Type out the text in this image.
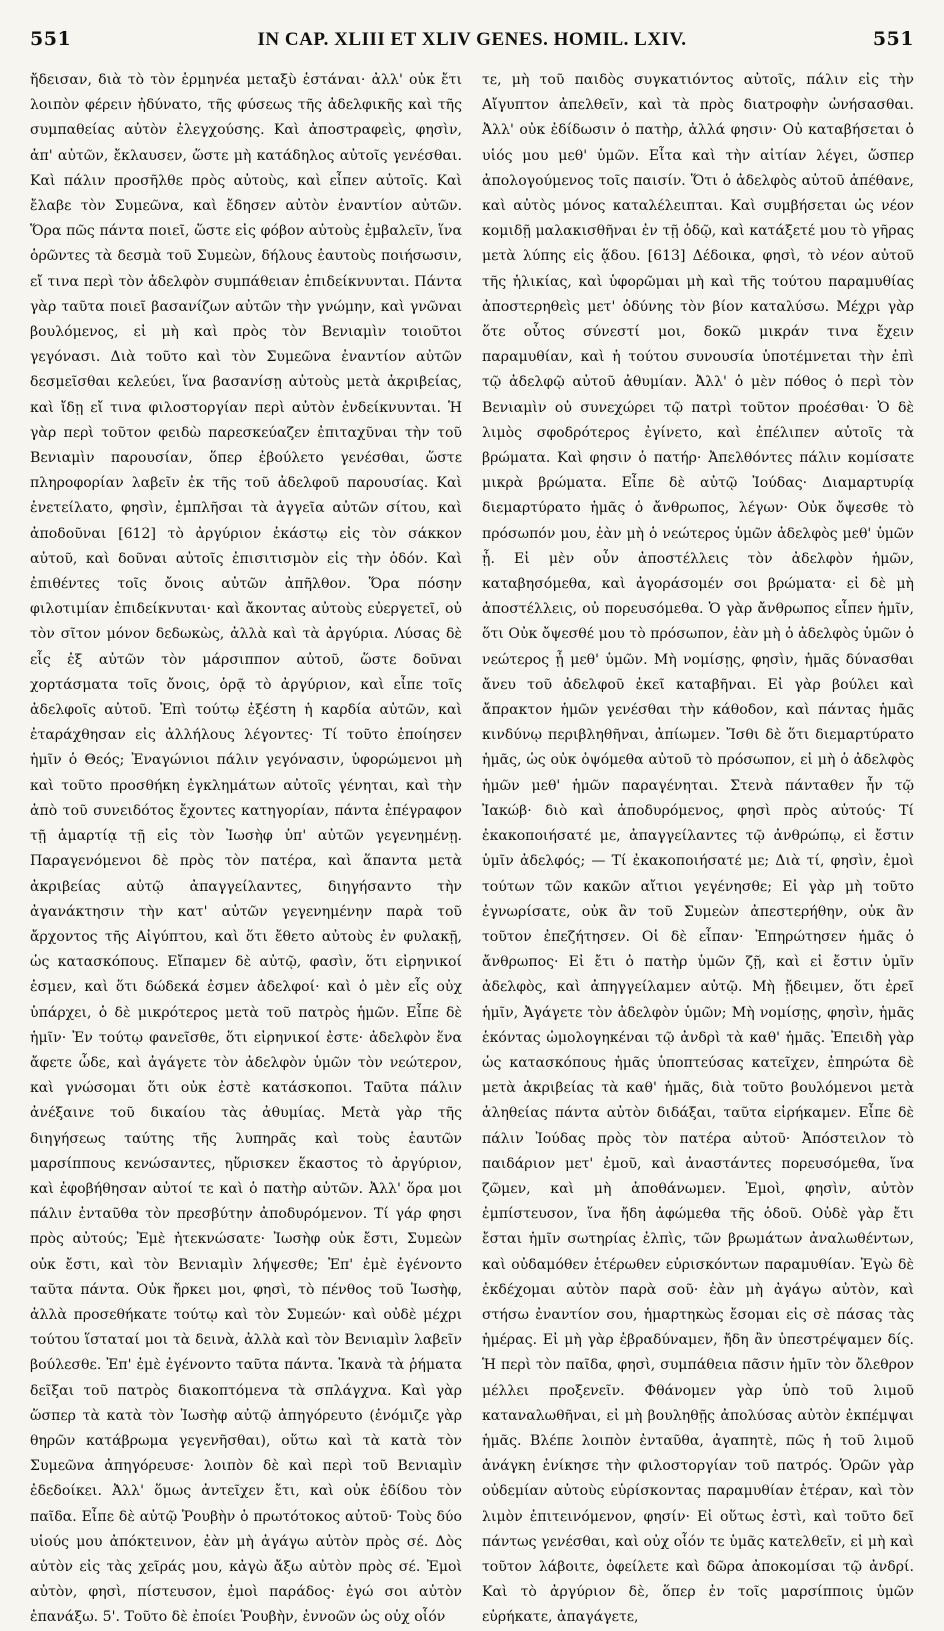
551	IN CAP. XLIII ET XLIV GENES. HOMIL. LXIV.	551

ἤδεισαν, διὰ τὸ τὸν ἑρμηνέα μεταξὺ ἑστάναι· ἀλλ' οὐκ ἔτι λοιπὸν φέρειν ἠδύνατο, τῆς φύσεως τῆς ἀδελφικῆς καὶ τῆς συμπαθείας αὐτὸν ἐλεγχούσης. Καὶ ἀποστραφεὶς, φησὶν, ἀπ' αὐτῶν, ἔκλαυσεν, ὥστε μὴ κατάδηλος αὐτοῖς γενέσθαι. Καὶ πάλιν προσῆλθε πρὸς αὐτοὺς, καὶ εἶπεν αὐτοῖς. Καὶ ἔλαβε τὸν Συμεῶνα, καὶ ἔδησεν αὐτὸν ἐναντίον αὐτῶν. Ὅρα πῶς πάντα ποιεῖ, ὥστε εἰς φόβον αὐτοὺς ἐμβαλεῖν, ἵνα ὁρῶντες τὰ δεσμὰ τοῦ Συμεὼν, δήλους ἑαυτοὺς ποιήσωσιν, εἴ τινα περὶ τὸν ἀδελφὸν συμπάθειαν ἐπιδείκνυνται. Πάντα γὰρ ταῦτα ποιεῖ βασανίζων αὐτῶν τὴν γνώμην, καὶ γνῶναι βουλόμενος, εἰ μὴ καὶ πρὸς τὸν Βενιαμὶν τοιοῦτοι γεγόνασι. Διὰ τοῦτο καὶ τὸν Συμεῶνα ἐναντίον αὐτῶν δεσμεῖσθαι κελεύει, ἵνα βασανίσῃ αὐτοὺς μετὰ ἀκριβείας, καὶ ἴδῃ εἴ τινα φιλοστοργίαν περὶ αὐτὸν ἐνδείκνυνται. Ἡ γὰρ περὶ τοῦτον φειδὼ παρεσκεύαζεν ἐπιταχῦναι τὴν τοῦ Βενιαμὶν παρουσίαν, ὅπερ ἐβούλετο γενέσθαι, ὥστε πληροφορίαν λαβεῖν ἐκ τῆς τοῦ ἀδελφοῦ παρουσίας. Καὶ ἐνετείλατο, φησὶν, ἐμπλῆσαι τὰ ἀγγεῖα αὐτῶν σίτου, καὶ ἀποδοῦναι [612] τὸ ἀργύριον ἑκάστῳ εἰς τὸν σάκκον αὐτοῦ, καὶ δοῦναι αὐτοῖς ἐπισιτισμὸν εἰς τὴν ὁδόν. Καὶ ἐπιθέντες τοῖς ὄνοις αὐτῶν ἀπῆλθον. Ὅρα πόσην φιλοτιμίαν ἐπιδείκνυται· καὶ ἄκοντας αὐτοὺς εὐεργετεῖ, οὐ τὸν σῖτον μόνον δεδωκὼς, ἀλλὰ καὶ τὰ ἀργύρια. Λύσας δὲ εἷς ἐξ αὐτῶν τὸν μάρσιππον αὐτοῦ, ὥστε δοῦναι χορτάσματα τοῖς ὄνοις, ὁρᾷ τὸ ἀργύριον, καὶ εἶπε τοῖς ἀδελφοῖς αὐτοῦ. Ἐπὶ τούτῳ ἐξέστη ἡ καρδία αὐτῶν, καὶ ἐταράχθησαν εἰς ἀλλήλους λέγοντες· Τί τοῦτο ἐποίησεν ἡμῖν ὁ Θεός; Ἐναγώνιοι πάλιν γεγόνασιν, ὑφορώμενοι μὴ καὶ τοῦτο προσθήκη ἐγκλημάτων αὐτοῖς γένηται, καὶ τὴν ἀπὸ τοῦ συνειδότος ἔχοντες κατηγορίαν, πάντα ἐπέγραφον τῇ ἁμαρτίᾳ τῇ εἰς τὸν Ἰωσὴφ ὑπ' αὐτῶν γεγενημένῃ. Παραγενόμενοι δὲ πρὸς τὸν πατέρα, καὶ ἅπαντα μετὰ ἀκριβείας αὐτῷ ἀπαγγείλαντες, διηγήσαντο τὴν ἀγανάκτησιν τὴν κατ' αὐτῶν γεγενημένην παρὰ τοῦ ἄρχοντος τῆς Αἰγύπτου, καὶ ὅτι ἔθετο αὐτοὺς ἐν φυλακῇ, ὡς κατασκόπους. Εἴπαμεν δὲ αὐτῷ, φασὶν, ὅτι εἰρηνικοί ἐσμεν, καὶ ὅτι δώδεκά ἐσμεν ἀδελφοί· καὶ ὁ μὲν εἷς οὐχ ὑπάρχει, ὁ δὲ μικρότερος μετὰ τοῦ πατρὸς ἡμῶν. Εἶπε δὲ ἡμῖν· Ἐν τούτῳ φανεῖσθε, ὅτι εἰρηνικοί ἐστε· ἀδελφὸν ἕνα ἄφετε ὧδε, καὶ ἀγάγετε τὸν ἀδελφὸν ὑμῶν τὸν νεώτερον, καὶ γνώσομαι ὅτι οὐκ ἐστὲ κατάσκοποι. Ταῦτα πάλιν ἀνέξαινε τοῦ δικαίου τὰς ἀθυμίας. Μετὰ γὰρ τῆς διηγήσεως ταύτης τῆς λυπηρᾶς καὶ τοὺς ἑαυτῶν μαρσίππους κενώσαντες, ηὕρισκεν ἕκαστος τὸ ἀργύριον, καὶ ἐφοβήθησαν αὐτοί τε καὶ ὁ πατὴρ αὐτῶν. Ἀλλ' ὅρα μοι πάλιν ἐνταῦθα τὸν πρεσβύτην ἀποδυρόμενον. Τί γάρ φησι πρὸς αὐτούς; Ἐμὲ ἠτεκνώσατε· Ἰωσὴφ οὐκ ἔστι, Συμεὼν οὐκ ἔστι, καὶ τὸν Βενιαμὶν λήψεσθε; Ἐπ' ἐμὲ ἐγένοντο ταῦτα πάντα. Οὐκ ἤρκει μοι, φησὶ, τὸ πένθος τοῦ Ἰωσὴφ, ἀλλὰ προσεθήκατε τούτῳ καὶ τὸν Συμεών· καὶ οὐδὲ μέχρι τούτου ἵσταταί μοι τὰ δεινὰ, ἀλλὰ καὶ τὸν Βενιαμὶν λαβεῖν βούλεσθε. Ἐπ' ἐμὲ ἐγένοντο ταῦτα πάντα. Ἱκανὰ τὰ ῥήματα δεῖξαι τοῦ πατρὸς διακοπτόμενα τὰ σπλάγχνα. Καὶ γὰρ ὥσπερ τὰ κατὰ τὸν Ἰωσὴφ αὐτῷ ἀπηγόρευτο (ἐνόμιζε γὰρ θηρῶν κατάβρωμα γεγενῆσθαι), οὕτω καὶ τὰ κατὰ τὸν Συμεῶνα ἀπηγόρευσε· λοιπὸν δὲ καὶ περὶ τοῦ Βενιαμὶν ἐδεδοίκει. Ἀλλ' ὅμως ἀντεῖχεν ἔτι, καὶ οὐκ ἐδίδου τὸν παῖδα. Εἶπε δὲ αὐτῷ Ῥουβὴν ὁ πρωτότοκος αὐτοῦ· Τοὺς δύο υἱούς μου ἀπόκτεινον, ἐὰν μὴ ἀγάγω αὐτὸν πρὸς σέ. Δὸς αὐτὸν εἰς τὰς χεῖράς μου, κἀγὼ ἄξω αὐτὸν πρὸς σέ. Ἐμοὶ αὐτὸν, φησὶ, πίστευσον, ἐμοὶ παράδος· ἐγώ σοι αὐτὸν ἐπανάξω. 5'. Τοῦτο δὲ ἐποίει Ῥουβὴν, ἐννοῶν ὡς οὐχ οἷόν

τε, μὴ τοῦ παιδὸς συγκατιόντος αὐτοῖς, πάλιν εἰς τὴν Αἴγυπτον ἀπελθεῖν, καὶ τὰ πρὸς διατροφὴν ὠνήσασθαι. Ἀλλ' οὐκ ἐδίδωσιν ὁ πατὴρ, ἀλλά φησιν· Οὐ καταβήσεται ὁ υἱός μου μεθ' ὑμῶν. Εἶτα καὶ τὴν αἰτίαν λέγει, ὥσπερ ἀπολογούμενος τοῖς παισίν. Ὅτι ὁ ἀδελφὸς αὐτοῦ ἀπέθανε, καὶ αὐτὸς μόνος καταλέλειπται. Καὶ συμβήσεται ὡς νέον κομιδῇ μαλακισθῆναι ἐν τῇ ὁδῷ, καὶ κατάξετέ μου τὸ γῆρας μετὰ λύπης εἰς ᾅδου. [613] Δέδοικα, φησὶ, τὸ νέον αὐτοῦ τῆς ἡλικίας, καὶ ὑφορῶμαι μὴ καὶ τῆς τούτου παραμυθίας ἀποστερηθεὶς μετ' ὀδύνης τὸν βίον καταλύσω. Μέχρι γὰρ ὅτε οὗτος σύνεστί μοι, δοκῶ μικράν τινα ἔχειν παραμυθίαν, καὶ ἡ τούτου συνουσία ὑποτέμνεται τὴν ἐπὶ τῷ ἀδελφῷ αὐτοῦ ἀθυμίαν. Ἀλλ' ὁ μὲν πόθος ὁ περὶ τὸν Βενιαμὶν οὐ συνεχώρει τῷ πατρὶ τοῦτον προέσθαι· Ὁ δὲ λιμὸς σφοδρότερος ἐγίνετο, καὶ ἐπέλιπεν αὐτοῖς τὰ βρώματα. Καὶ φησιν ὁ πατήρ· Ἀπελθόντες πάλιν κομίσατε μικρὰ βρώματα. Εἶπε δὲ αὐτῷ Ἰούδας· Διαμαρτυρίᾳ διεμαρτύρατο ἡμᾶς ὁ ἄνθρωπος, λέγων· Οὐκ ὄψεσθε τὸ πρόσωπόν μου, ἐὰν μὴ ὁ νεώτερος ὑμῶν ἀδελφὸς μεθ' ὑμῶν ᾖ. Εἰ μὲν οὖν ἀποστέλλεις τὸν ἀδελφὸν ἡμῶν, καταβησόμεθα, καὶ ἀγοράσομέν σοι βρώματα· εἰ δὲ μὴ ἀποστέλλεις, οὐ πορευσόμεθα. Ὁ γὰρ ἄνθρωπος εἶπεν ἡμῖν, ὅτι Οὐκ ὄψεσθέ μου τὸ πρόσωπον, ἐὰν μὴ ὁ ἀδελφὸς ὑμῶν ὁ νεώτερος ᾖ μεθ' ὑμῶν. Μὴ νομίσῃς, φησὶν, ἡμᾶς δύνασθαι ἄνευ τοῦ ἀδελφοῦ ἐκεῖ καταβῆναι. Εἰ γὰρ βούλει καὶ ἄπρακτον ἡμῶν γενέσθαι τὴν κάθοδον, καὶ πάντας ἡμᾶς κινδύνῳ περιβληθῆναι, ἀπίωμεν. Ἴσθι δὲ ὅτι διεμαρτύρατο ἡμᾶς, ὡς οὐκ ὀψόμεθα αὐτοῦ τὸ πρόσωπον, εἰ μὴ ὁ ἀδελφὸς ἡμῶν μεθ' ἡμῶν παραγένηται. Στενὰ πάνταθεν ἦν τῷ Ἰακώβ· διὸ καὶ ἀποδυρόμενος, φησὶ πρὸς αὐτούς· Τί ἐκακοποιήσατέ με, ἀπαγγείλαντες τῷ ἀνθρώπῳ, εἰ ἔστιν ὑμῖν ἀδελφός; — Τί ἐκακοποιήσατέ με; Διὰ τί, φησὶν, ἐμοὶ τούτων τῶν κακῶν αἴτιοι γεγένησθε; Εἰ γὰρ μὴ τοῦτο ἐγνωρίσατε, οὐκ ἂν τοῦ Συμεὼν ἀπεστερήθην, οὐκ ἂν τοῦτον ἐπεζήτησεν. Οἱ δὲ εἶπαν· Ἐπηρώτησεν ἡμᾶς ὁ ἄνθρωπος· Εἰ ἔτι ὁ πατὴρ ὑμῶν ζῇ, καὶ εἰ ἔστιν ὑμῖν ἀδελφὸς, καὶ ἀπηγγείλαμεν αὐτῷ. Μὴ ᾔδειμεν, ὅτι ἐρεῖ ἡμῖν, Ἀγάγετε τὸν ἀδελφὸν ὑμῶν; Μὴ νομίσῃς, φησὶν, ἡμᾶς ἑκόντας ὡμολογηκέναι τῷ ἀνδρὶ τὰ καθ' ἡμᾶς. Ἐπειδὴ γὰρ ὡς κατασκόπους ἡμᾶς ὑποπτεύσας κατεῖχεν, ἐπηρώτα δὲ μετὰ ἀκριβείας τὰ καθ' ἡμᾶς, διὰ τοῦτο βουλόμενοι μετὰ ἀληθείας πάντα αὐτὸν διδάξαι, ταῦτα εἰρήκαμεν. Εἶπε δὲ πάλιν Ἰούδας πρὸς τὸν πατέρα αὐτοῦ· Ἀπόστειλον τὸ παιδάριον μετ' ἐμοῦ, καὶ ἀναστάντες πορευσόμεθα, ἵνα ζῶμεν, καὶ μὴ ἀποθάνωμεν. Ἐμοὶ, φησὶν, αὐτὸν ἐμπίστευσον, ἵνα ἤδη ἀφώμεθα τῆς ὁδοῦ. Οὐδὲ γὰρ ἔτι ἔσται ἡμῖν σωτηρίας ἐλπὶς, τῶν βρωμάτων ἀναλωθέντων, καὶ οὐδαμόθεν ἑτέρωθεν εὑρισκόντων παραμυθίαν. Ἐγὼ δὲ ἐκδέχομαι αὐτὸν παρὰ σοῦ· ἐὰν μὴ ἀγάγω αὐτὸν, καὶ στήσω ἐναντίον σου, ἡμαρτηκὼς ἔσομαι εἰς σὲ πάσας τὰς ἡμέρας. Εἰ μὴ γὰρ ἐβραδύναμεν, ἤδη ἂν ὑπεστρέψαμεν δίς. Ἡ περὶ τὸν παῖδα, φησὶ, συμπάθεια πᾶσιν ἡμῖν τὸν ὄλεθρον μέλλει προξενεῖν. Φθάνομεν γὰρ ὑπὸ τοῦ λιμοῦ καταναλωθῆναι, εἰ μὴ βουληθῇς ἀπολύσας αὐτὸν ἐκπέμψαι ἡμᾶς. Βλέπε λοιπὸν ἐνταῦθα, ἀγαπητὲ, πῶς ἡ τοῦ λιμοῦ ἀνάγκη ἐνίκησε τὴν φιλοστοργίαν τοῦ πατρός. Ὁρῶν γὰρ οὐδεμίαν αὐτοὺς εὑρίσκοντας παραμυθίαν ἑτέραν, καὶ τὸν λιμὸν ἐπιτεινόμενον, φησίν· Εἰ οὕτως ἐστὶ, καὶ τοῦτο δεῖ πάντως γενέσθαι, καὶ οὐχ οἷόν τε ὑμᾶς κατελθεῖν, εἰ μὴ καὶ τοῦτον λάβοιτε, ὀφείλετε καὶ δῶρα ἀποκομίσαι τῷ ἀνδρί. Καὶ τὸ ἀργύριον δὲ, ὅπερ ἐν τοῖς μαρσίπποις ὑμῶν εὑρήκατε, ἀπαγάγετε,
